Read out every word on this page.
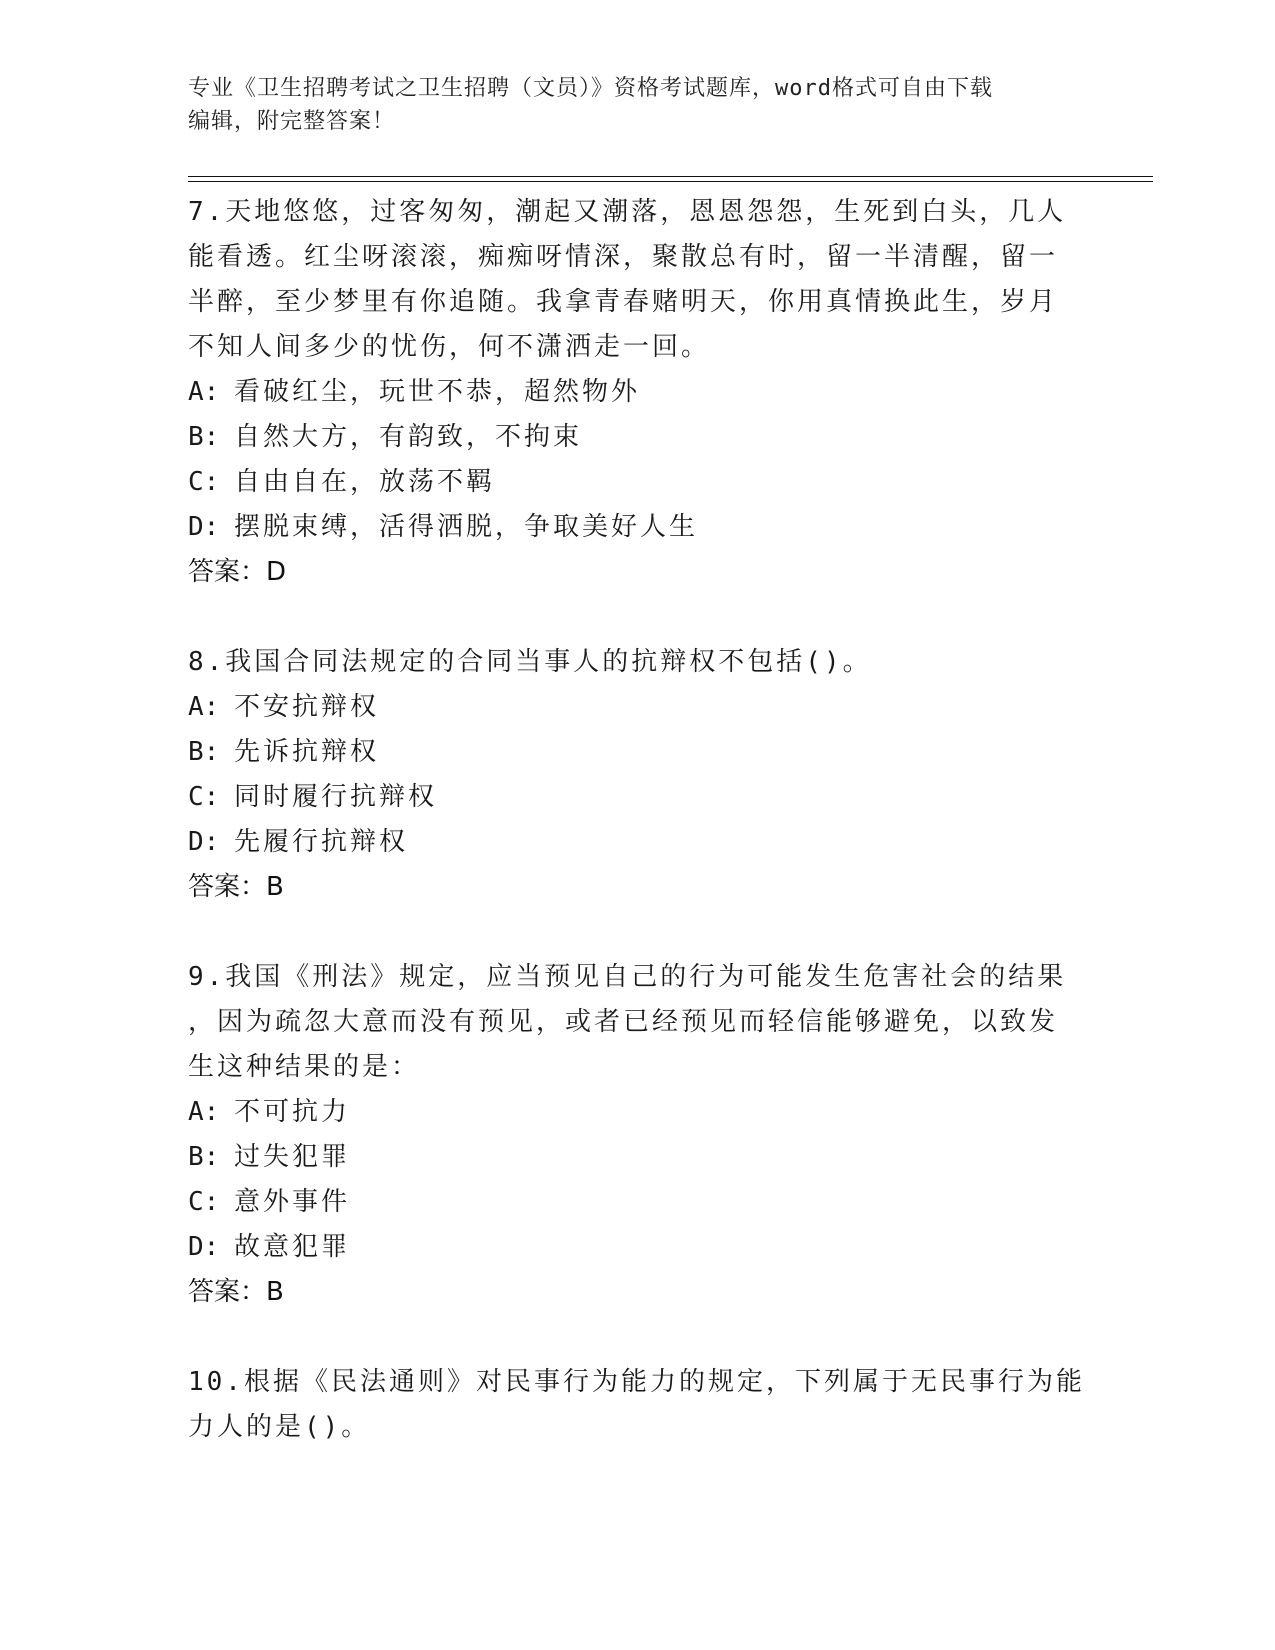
专业《卫生招聘考试之卫生招聘（文员）》资格考试题库，word格式可自由下载
编辑，附完整答案！

7.天地悠悠，过客匆匆，潮起又潮落，恩恩怨怨，生死到白头，几人

能看透。红尘呀滚滚，痴痴呀情深，聚散总有时，留一半清醒，留一

半醉，至少梦里有你追随。我拿青春赌明天，你用真情换此生，岁月

不知人间多少的忧伤，何不潇洒走一回。

A: 看破红尘，玩世不恭，超然物外

B: 自然大方，有韵致，不拘束

C: 自由自在，放荡不羁

D: 摆脱束缚，活得洒脱，争取美好人生

答案：D

8.我国合同法规定的合同当事人的抗辩权不包括()。

A: 不安抗辩权

B: 先诉抗辩权

C: 同时履行抗辩权

D: 先履行抗辩权

答案：B

9.我国《刑法》规定，应当预见自己的行为可能发生危害社会的结果

，因为疏忽大意而没有预见，或者已经预见而轻信能够避免，以致发

生这种结果的是：

A: 不可抗力

B: 过失犯罪

C: 意外事件

D: 故意犯罪

答案：B

10.根据《民法通则》对民事行为能力的规定，下列属于无民事行为能

力人的是()。
